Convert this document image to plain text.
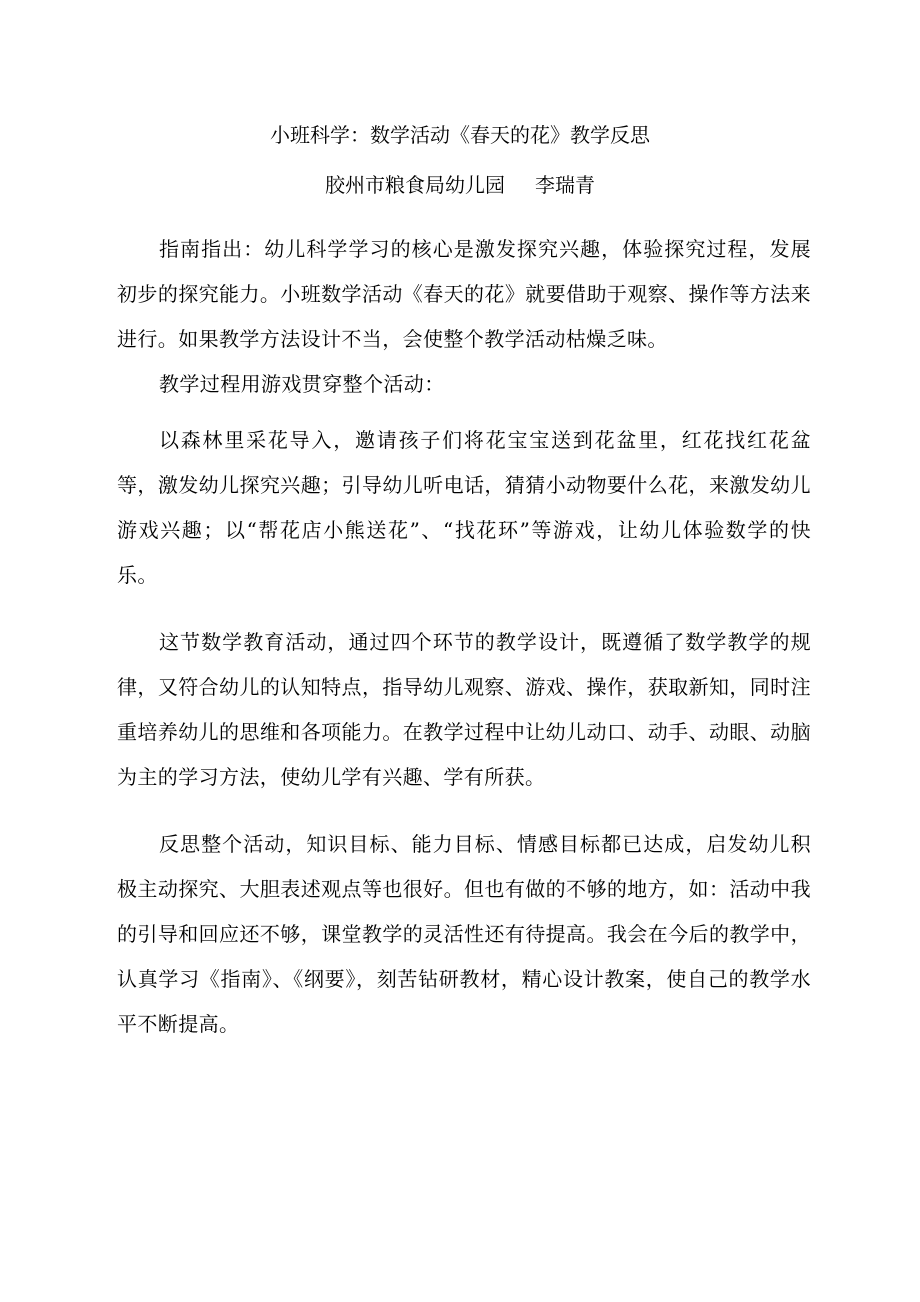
小班科学：数学活动《春天的花》教学反思
胶州市粮食局幼儿园 李瑞青

指南指出：幼儿科学学习的核心是激发探究兴趣，体验探究过程，发展初步的探究能力。小班数学活动《春天的花》就要借助于观察、操作等方法来进行。如果教学方法设计不当，会使整个教学活动枯燥乏味。

教学过程用游戏贯穿整个活动：

以森林里采花导入，邀请孩子们将花宝宝送到花盆里，红花找红花盆等，激发幼儿探究兴趣；引导幼儿听电话，猜猜小动物要什么花，来激发幼儿游戏兴趣；以“帮花店小熊送花”、“找花环”等游戏，让幼儿体验数学的快乐。

这节数学教育活动，通过四个环节的教学设计，既遵循了数学教学的规律，又符合幼儿的认知特点，指导幼儿观察、游戏、操作，获取新知，同时注重培养幼儿的思维和各项能力。在教学过程中让幼儿动口、动手、动眼、动脑为主的学习方法，使幼儿学有兴趣、学有所获。

反思整个活动，知识目标、能力目标、情感目标都已达成，启发幼儿积极主动探究、大胆表述观点等也很好。但也有做的不够的地方，如：活动中我的引导和回应还不够，课堂教学的灵活性还有待提高。我会在今后的教学中，认真学习《指南》、《纲要》，刻苦钻研教材，精心设计教案，使自己的教学水平不断提高。
